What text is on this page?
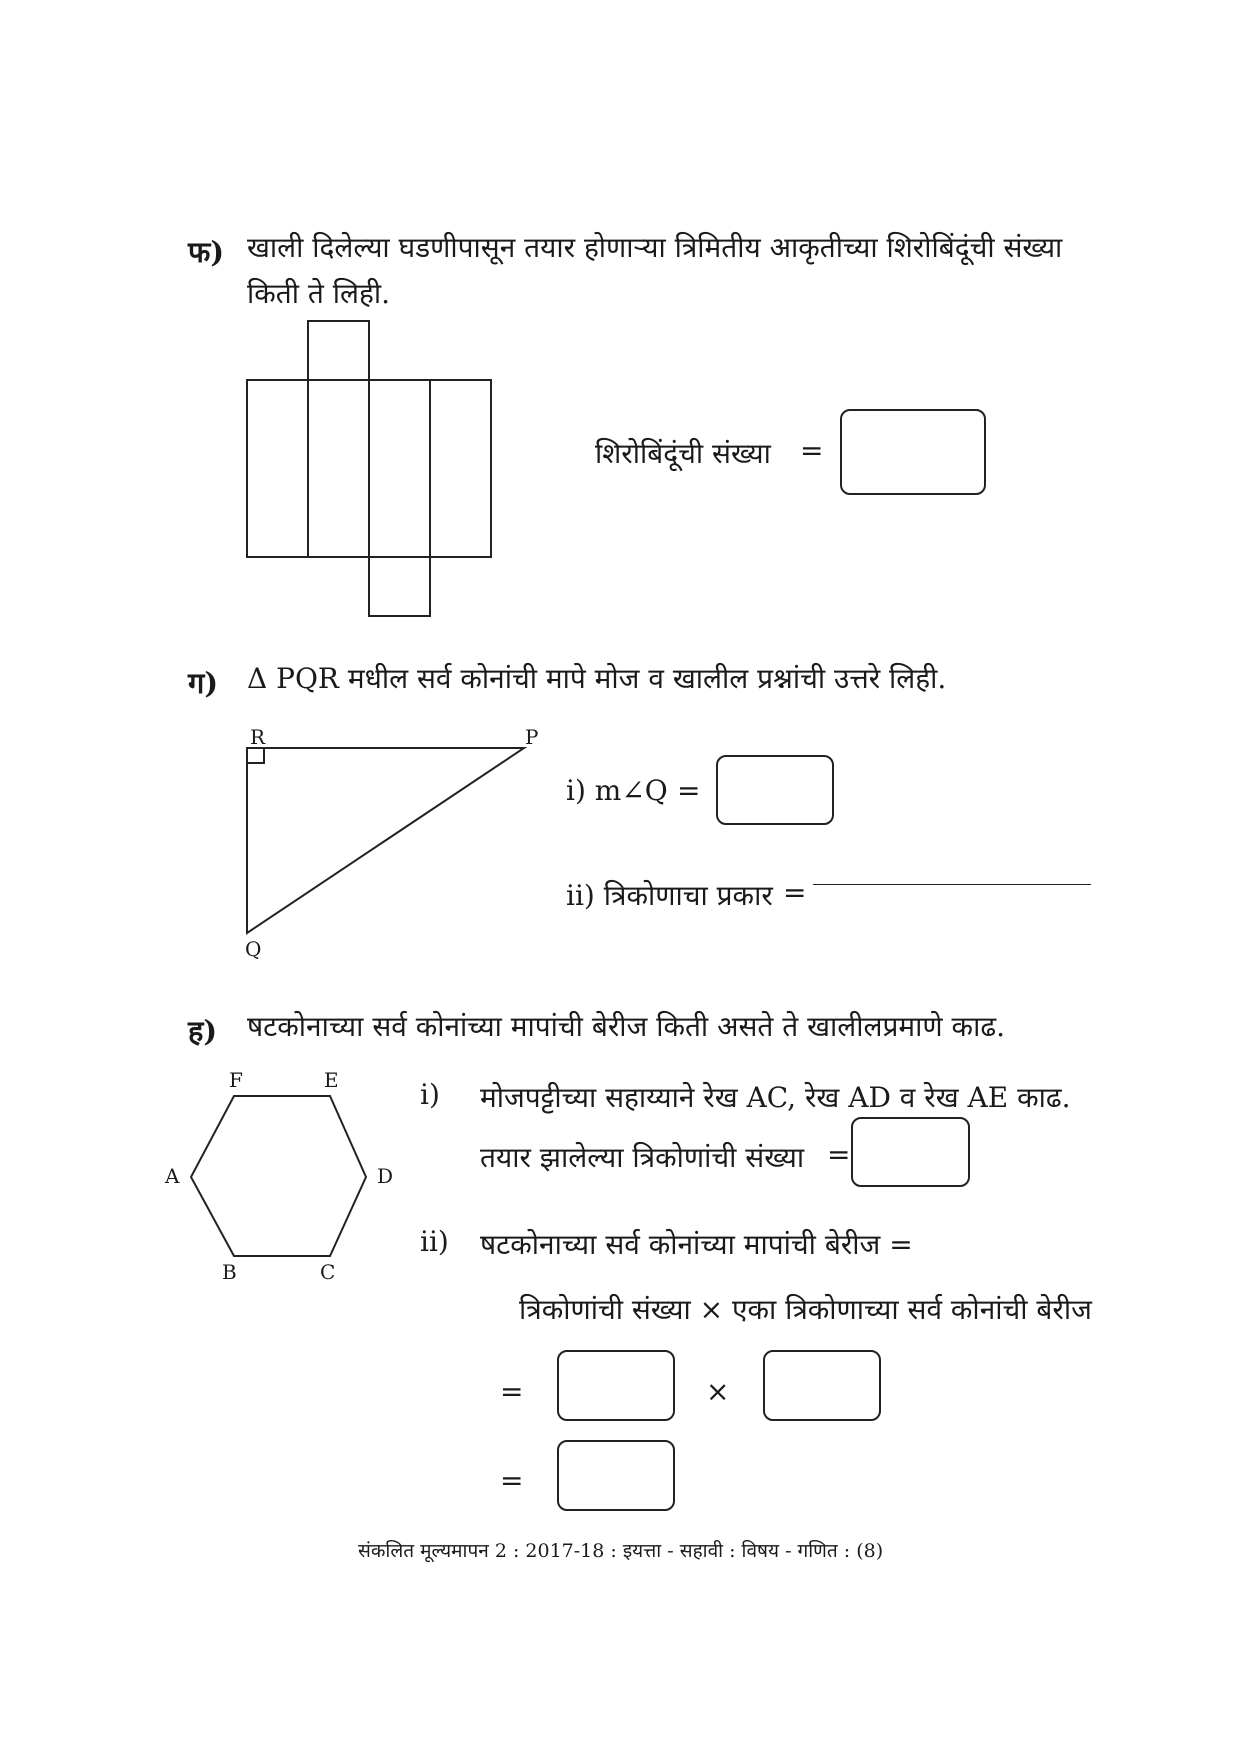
फ) खाली दिलेल्या घडणीपासून तयार होणाऱ्या त्रिमितीय आकृतीच्या शिरोबिंदूंची संख्या किती ते लिही.
शिरोबिंदूंची संख्या =
ग) Δ PQR मधील सर्व कोनांची मापे मोज व खालील प्रश्नांची उत्तरे लिही.
R	P
Q
i) m∠Q =
ii) त्रिकोणाचा प्रकार =
ह) षटकोनाच्या सर्व कोनांच्या मापांची बेरीज किती असते ते खालीलप्रमाणे काढ.
F	E
A	D
B	C
i) मोजपट्टीच्या सहाय्याने रेख AC, रेख AD व रेख AE काढ.
तयार झालेल्या त्रिकोणांची संख्या =
ii) षटकोनाच्या सर्व कोनांच्या मापांची बेरीज =
त्रिकोणांची संख्या × एका त्रिकोणाच्या सर्व कोनांची बेरीज
=	×
=
संकलित मूल्यमापन 2 : 2017-18 : इयत्ता - सहावी : विषय - गणित : (8)
